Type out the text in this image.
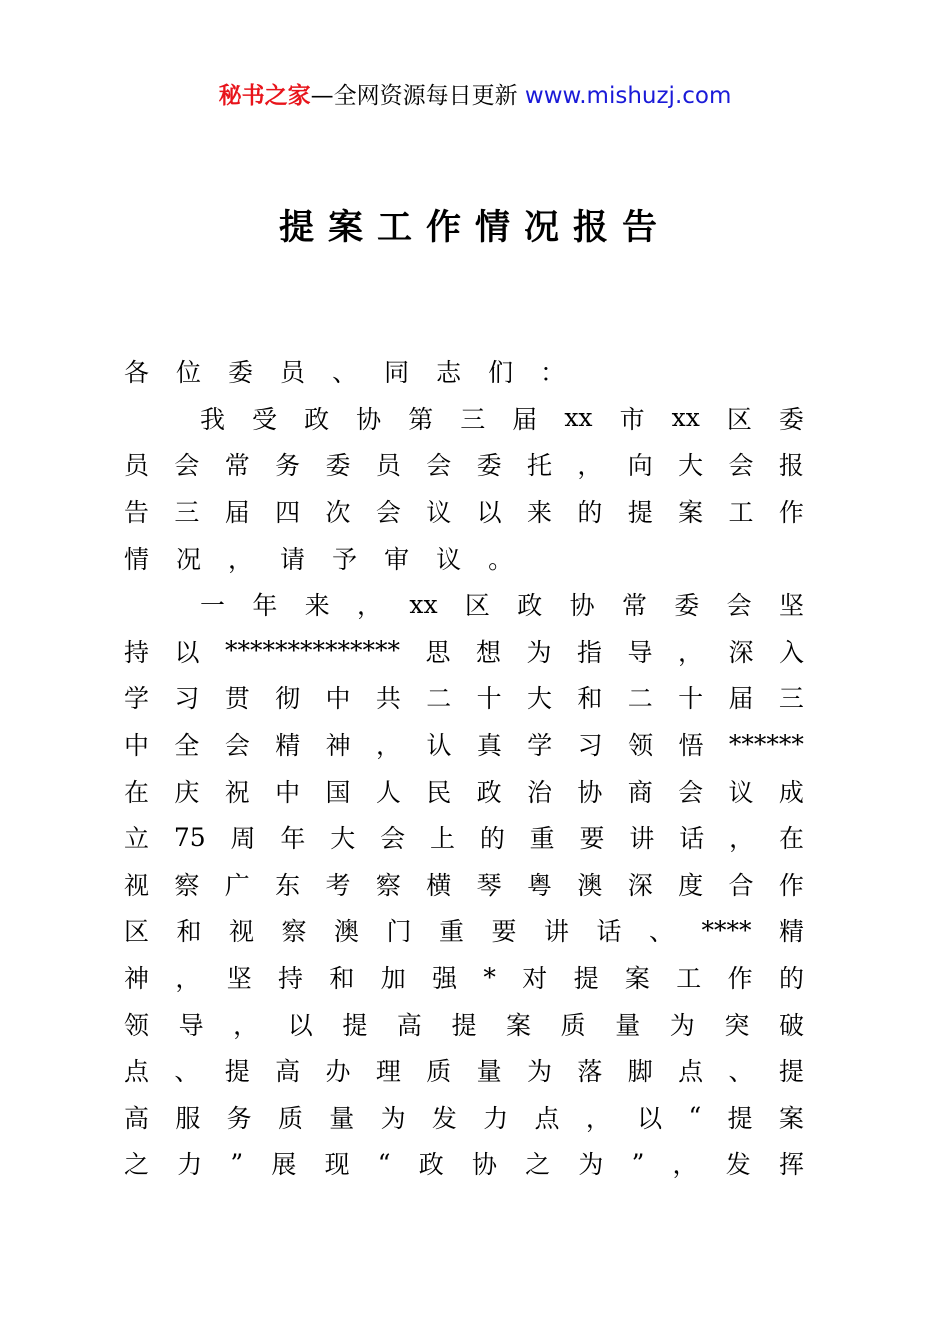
秘书之家—全网资源每日更新 www.mishuzj.com
提案工作情况报告
各 位 委 员 、 同 志 们 ：
我 受 政 协 第 三 届 xx 市 xx 区 委
员 会 常 务 委 员 会 委 托 ， 向 大 会 报
告 三 届 四 次 会 议 以 来 的 提 案 工 作
情 况 ， 请 予 审 议 。
一 年 来 ， xx 区 政 协 常 委 会 坚
持 以 ************** 思 想 为 指 导 ， 深 入
学 习 贯 彻 中 共 二 十 大 和 二 十 届 三
中 全 会 精 神 ， 认 真 学 习 领 悟 ******
在 庆 祝 中 国 人 民 政 治 协 商 会 议 成
立 75 周 年 大 会 上 的 重 要 讲 话 ， 在
视 察 广 东 考 察 横 琴 粤 澳 深 度 合 作
区 和 视 察 澳 门 重 要 讲 话 、 **** 精
神 ， 坚 持 和 加 强 * 对 提 案 工 作 的
领 导 ， 以 提 高 提 案 质 量 为 突 破
点 、 提 高 办 理 质 量 为 落 脚 点 、 提
高 服 务 质 量 为 发 力 点 ， 以 “ 提 案
之 力 ” 展 现 “ 政 协 之 为 ” ， 发 挥
